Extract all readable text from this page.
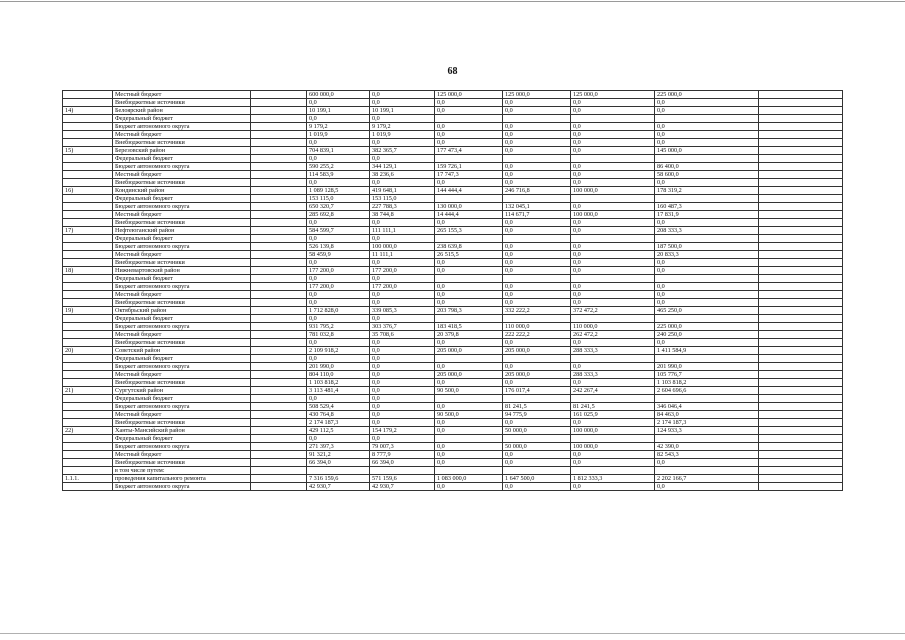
68
	Местный бюджет		600 000,0	0,0	125 000,0	125 000,0	125 000,0	225 000,0		
	Внебюджетные источники		0,0	0,0	0,0	0,0	0,0	0,0		
14)	Белоярский район		10 199,1	10 199,1	0,0	0,0	0,0	0,0		
	Федеральный бюджет		0,0	0,0						
	Бюджет автономного округа		9 179,2	9 179,2	0,0	0,0	0,0	0,0		
	Местный бюджет		1 019,9	1 019,9	0,0	0,0	0,0	0,0		
	Внебюджетные источники		0,0	0,0	0,0	0,0	0,0	0,0		
15)	Березовский район		704 839,1	382 365,7	177 473,4	0,0	0,0	145 000,0		
	Федеральный бюджет		0,0	0,0						
	Бюджет автономного округа		590 255,2	344 129,1	159 726,1	0,0	0,0	86 400,0		
	Местный бюджет		114 583,9	38 236,6	17 747,3	0,0	0,0	58 600,0		
	Внебюджетные источники		0,0	0,0	0,0	0,0	0,0	0,0		
16)	Кондинский район		1 089 128,5	419 648,1	144 444,4	246 716,8	100 000,0	178 319,2		
	Федеральный бюджет		153 115,0	153 115,0						
	Бюджет автономного округа		650 320,7	227 788,3	130 000,0	132 045,1	0,0	160 487,3		
	Местный бюджет		285 692,8	38 744,8	14 444,4	114 671,7	100 000,0	17 831,9		
	Внебюджетные источники		0,0	0,0	0,0	0,0	0,0	0,0		
17)	Нефтеюганский район		584 599,7	111 111,1	265 155,3	0,0	0,0	208 333,3		
	Федеральный бюджет		0,0	0,0						
	Бюджет автономного округа		526 139,8	100 000,0	238 639,8	0,0	0,0	187 500,0		
	Местный бюджет		58 459,9	11 111,1	26 515,5	0,0	0,0	20 833,3		
	Внебюджетные источники		0,0	0,0	0,0	0,0	0,0	0,0		
18)	Нижневартовский район		177 200,0	177 200,0	0,0	0,0	0,0	0,0		
	Федеральный бюджет		0,0	0,0						
	Бюджет автономного округа		177 200,0	177 200,0	0,0	0,0	0,0	0,0		
	Местный бюджет		0,0	0,0	0,0	0,0	0,0	0,0		
	Внебюджетные источники		0,0	0,0	0,0	0,0	0,0	0,0		
19)	Октябрьский район		1 712 828,0	339 085,3	203 798,3	332 222,2	372 472,2	465 250,0		
	Федеральный бюджет		0,0	0,0						
	Бюджет автономного округа		931 795,2	303 376,7	183 418,5	110 000,0	110 000,0	225 000,0		
	Местный бюджет		781 032,8	35 708,6	20 379,8	222 222,2	262 472,2	240 250,0		
	Внебюджетные источники		0,0	0,0	0,0	0,0	0,0	0,0		
20)	Советский район		2 109 918,2	0,0	205 000,0	205 000,0	288 333,3	1 411 584,9		
	Федеральный бюджет		0,0	0,0						
	Бюджет автономного округа		201 990,0	0,0	0,0	0,0	0,0	201 990,0		
	Местный бюджет		804 110,0	0,0	205 000,0	205 000,0	288 333,3	105 776,7		
	Внебюджетные источники		1 103 818,2	0,0	0,0	0,0	0,0	1 103 818,2		
21)	Сургутский район		3 113 481,4	0,0	90 500,0	176 017,4	242 267,4	2 604 696,6		
	Федеральный бюджет		0,0	0,0						
	Бюджет автономного округа		508 529,4	0,0	0,0	81 241,5	81 241,5	346 046,4		
	Местный бюджет		430 764,8	0,0	90 500,0	94 775,9	161 025,9	84 463,0		
	Внебюджетные источники		2 174 187,3	0,0	0,0	0,0	0,0	2 174 187,3		
22)	Ханты-Мансийский район		429 112,5	154 179,2	0,0	50 000,0	100 000,0	124 933,3		
	Федеральный бюджет		0,0	0,0						
	Бюджет автономного округа		271 397,3	79 007,3	0,0	50 000,0	100 000,0	42 390,0		
	Местный бюджет		91 321,2	8 777,9	0,0	0,0	0,0	82 543,3		
	Внебюджетные источники		66 394,0	66 394,0	0,0	0,0	0,0	0,0		
	в том числе путем:									
1.1.1.	проведения капитального ремонта		7 316 159,6	571 159,6	1 083 000,0	1 647 500,0	1 812 333,3	2 202 166,7		
	Бюджет автономного округа		42 930,7	42 930,7	0,0	0,0	0,0	0,0		
